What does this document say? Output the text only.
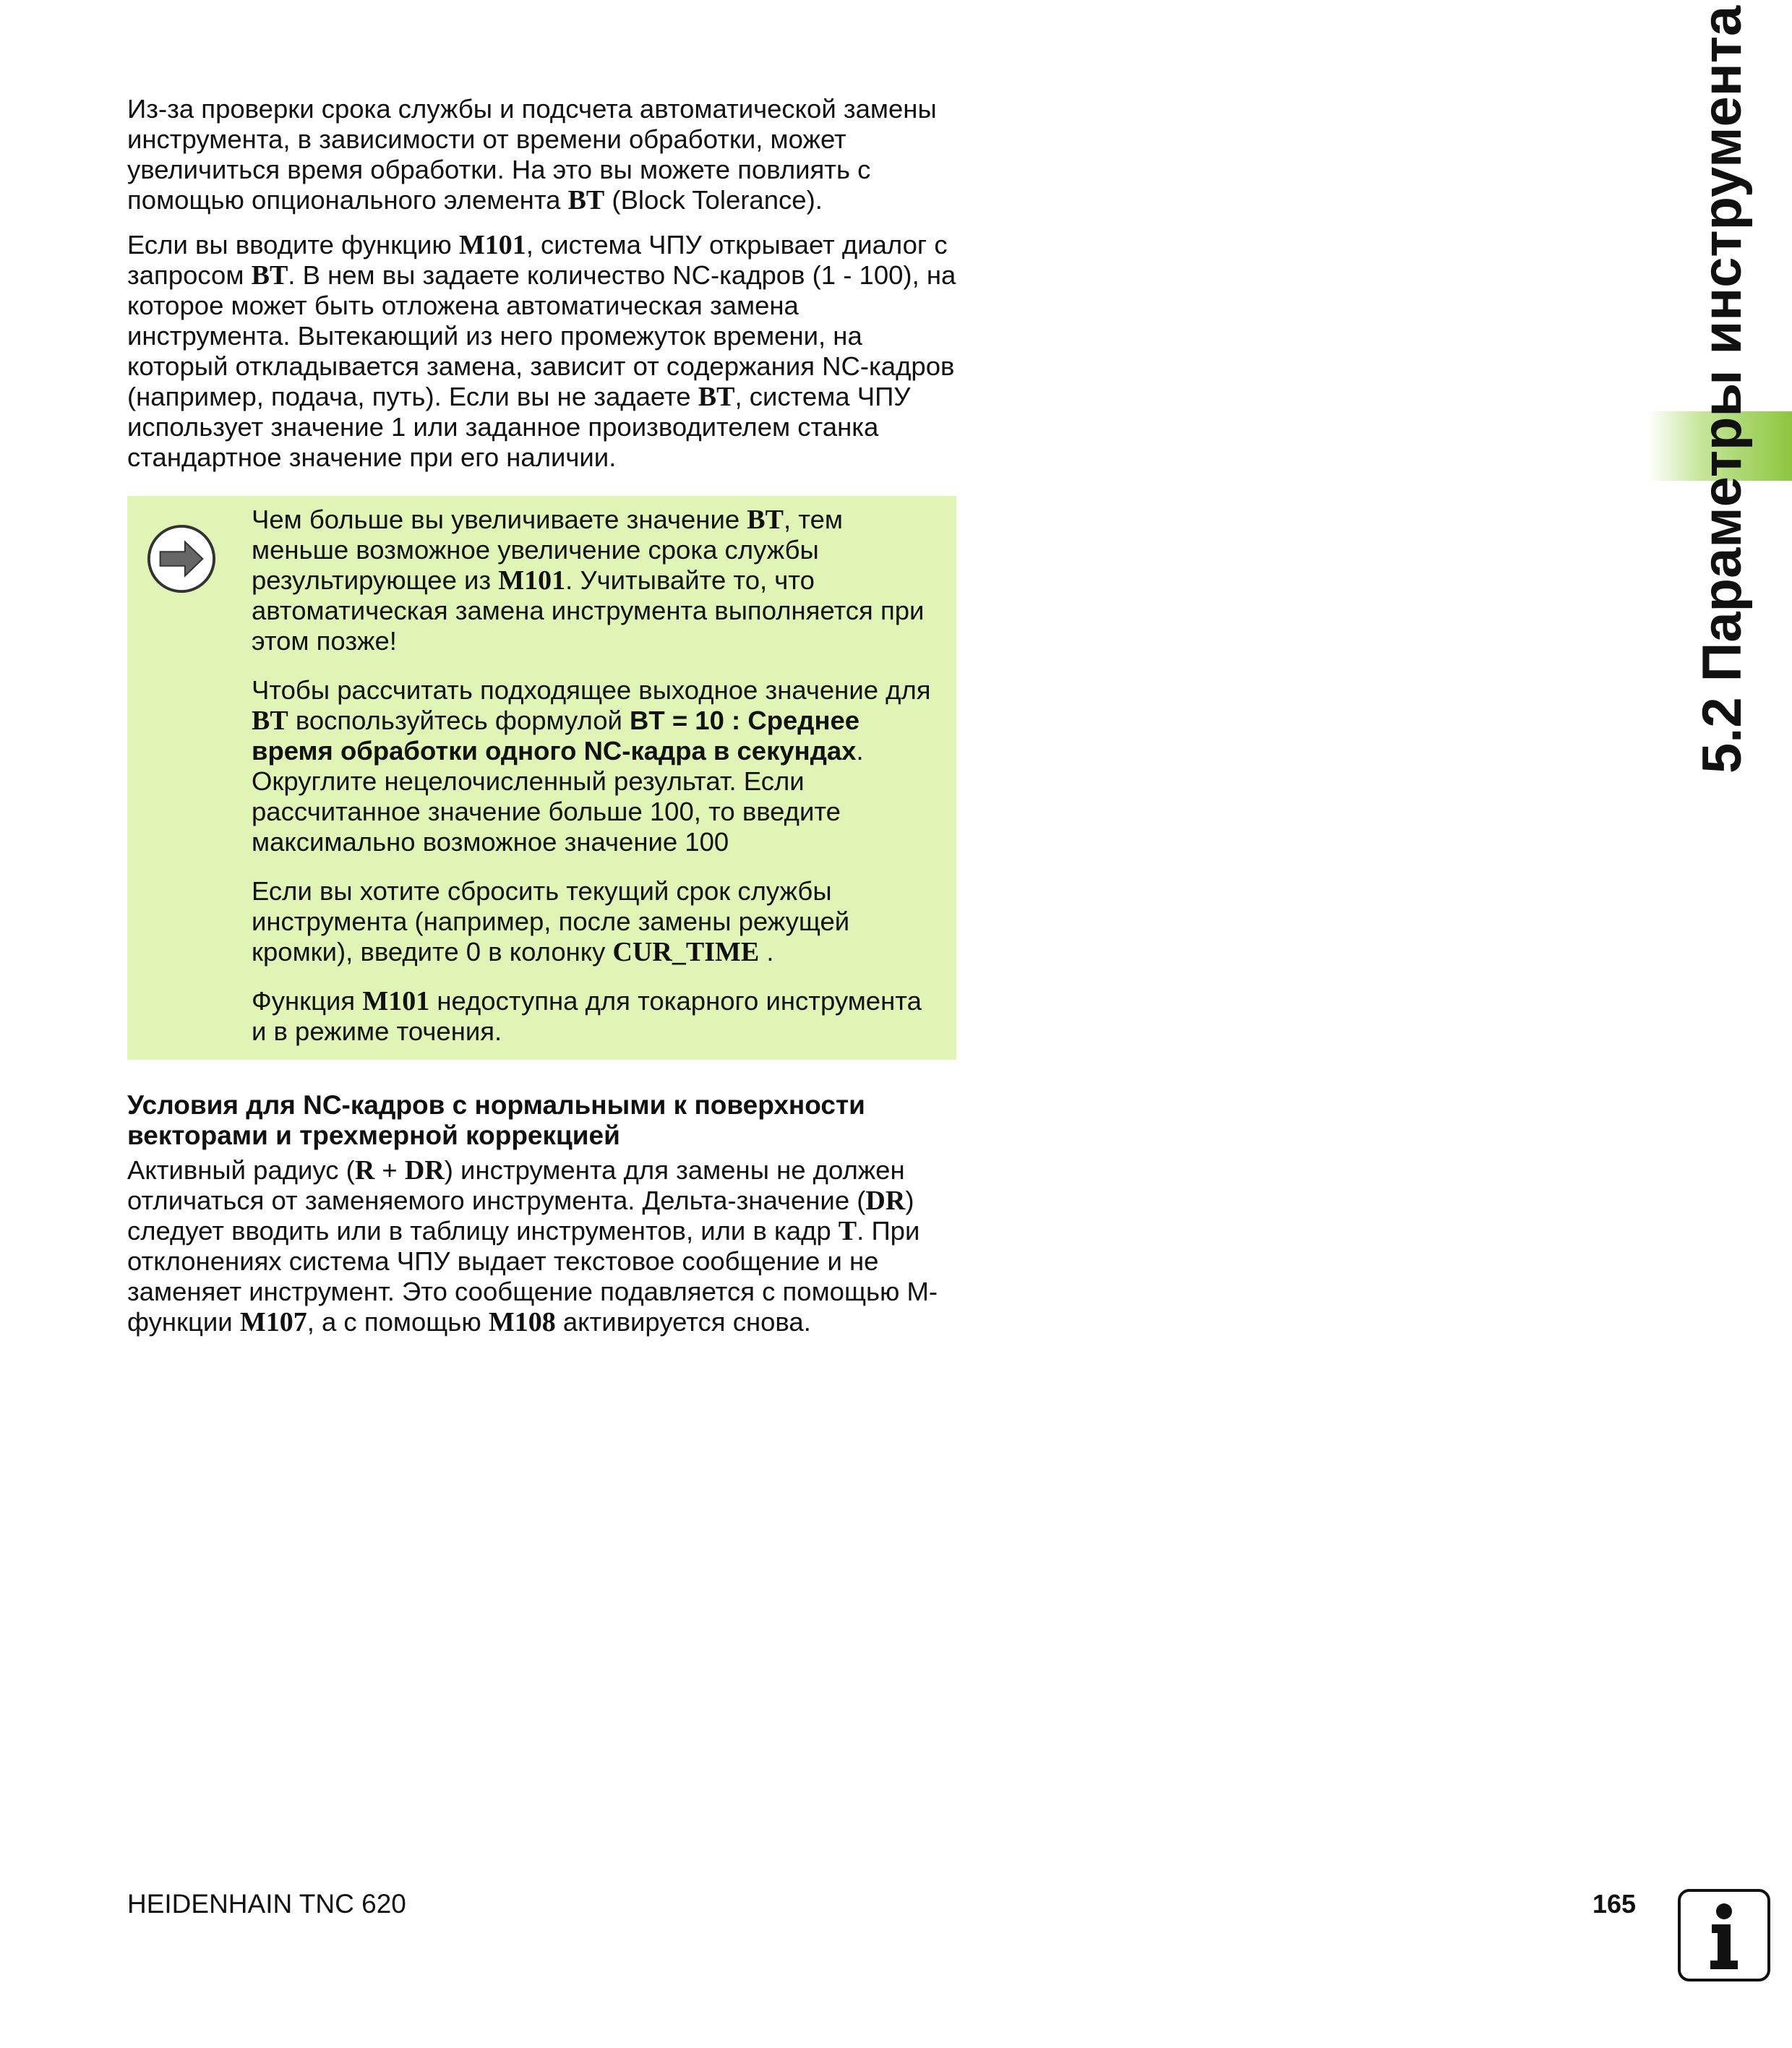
Из-за проверки срока службы и подсчета автоматической замены инструмента, в зависимости от времени обработки, может увеличиться время обработки. На это вы можете повлиять с помощью опционального элемента BT (Block Tolerance).

Если вы вводите функцию M101, система ЧПУ открывает диалог с запросом BT. В нем вы задаете количество NC-кадров (1 - 100), на которое может быть отложена автоматическая замена инструмента. Вытекающий из него промежуток времени, на который откладывается замена, зависит от содержания NC-кадров (например, подача, путь). Если вы не задаете BT, система ЧПУ использует значение 1 или заданное производителем станка стандартное значение при его наличии.

Чем больше вы увеличиваете значение BT, тем меньше возможное увеличение срока службы результирующее из M101. Учитывайте то, что автоматическая замена инструмента выполняется при этом позже!

Чтобы рассчитать подходящее выходное значение для BT воспользуйтесь формулой BT = 10 : Среднее время обработки одного NC-кадра в секундах. Округлите нецелочисленный результат. Если рассчитанное значение больше 100, то введите максимально возможное значение 100

Если вы хотите сбросить текущий срок службы инструмента (например, после замены режущей кромки), введите 0 в колонку CUR_TIME .

Функция M101 недоступна для токарного инструмента и в режиме точения.

Условия для NC-кадров с нормальными к поверхности векторами и трехмерной коррекцией

Активный радиус (R + DR) инструмента для замены не должен отличаться от заменяемого инструмента. Дельта-значение (DR) следует вводить или в таблицу инструментов, или в кадр T. При отклонениях система ЧПУ выдает текстовое сообщение и не заменяет инструмент. Это сообщение подавляется с помощью M-функции M107, а с помощью M108 активируется снова.

5.2 Параметры инструмента
HEIDENHAIN TNC 620	165
